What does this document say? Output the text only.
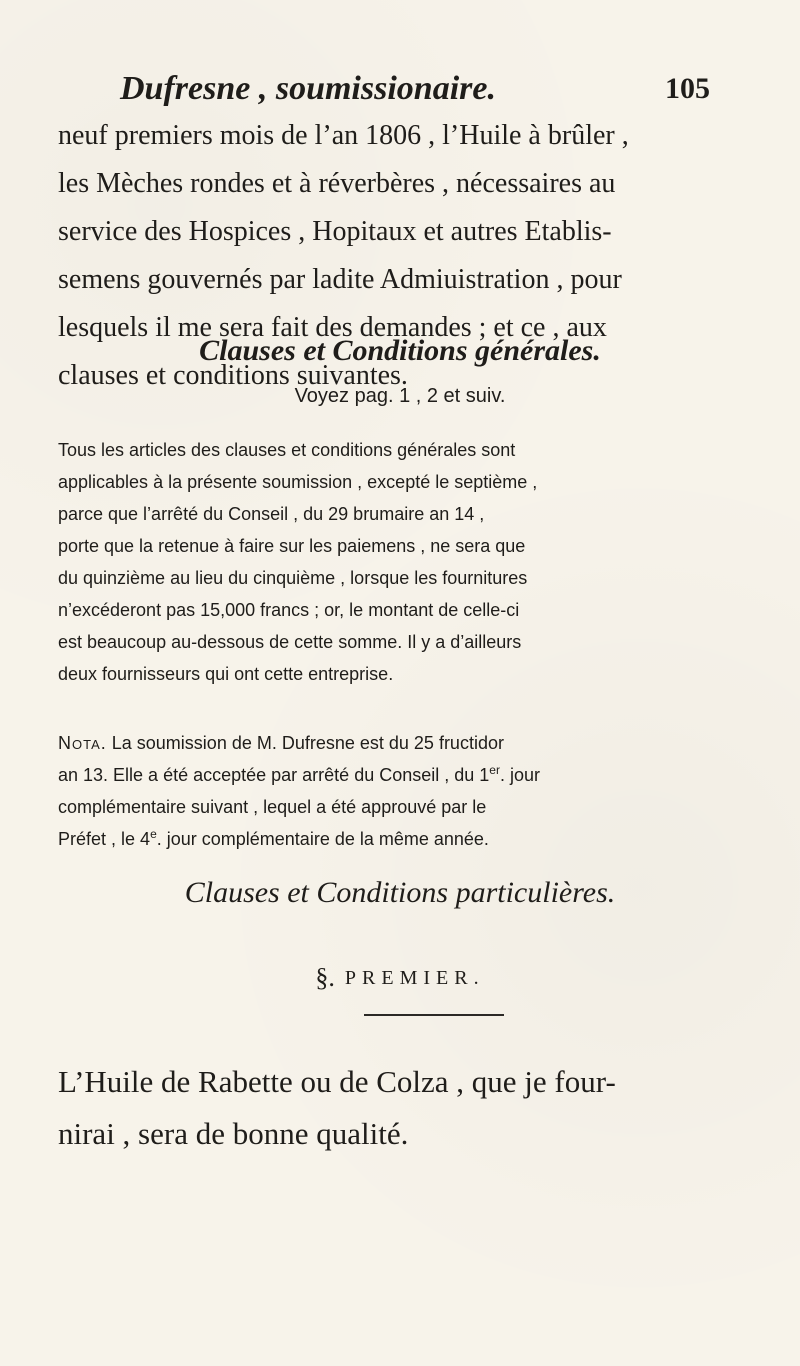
Dufresne , soumissionaire.	105
neuf premiers mois de l’an 1806 , l’Huile à brûler ,
les Mèches rondes et à réverbères , nécessaires au
service des Hospices , Hopitaux et autres Etablis-
semens gouvernés par ladite Admiuistration , pour
lesquels il me sera fait des demandes ; et ce , aux
clauses et conditions suivantes.
Clauses et Conditions générales.
Voyez pag. 1 , 2 et suiv.
Tous les articles des clauses et conditions générales sont
applicables à la présente soumission , excepté le septième ,
parce que l’arrêté du Conseil , du 29 brumaire an 14 ,
porte que la retenue à faire sur les paiemens , ne sera que
du quinzième au lieu du cinquième , lorsque les fournitures
n’excéderont pas 15,000 francs ; or, le montant de celle-ci
est beaucoup au-dessous de cette somme. Il y a d’ailleurs
deux fournisseurs qui ont cette entreprise.
Nota. La soumission de M. Dufresne est du 25 fructidor
an 13. Elle a été acceptée par arrêté du Conseil , du 1er. jour
complémentaire suivant , lequel a été approuvé par le
Préfet , le 4e. jour complémentaire de la même année.
Clauses et Conditions particulières.
§. PREMIER.
L’Huile de Rabette ou de Colza , que je four-
nirai , sera de bonne qualité.
